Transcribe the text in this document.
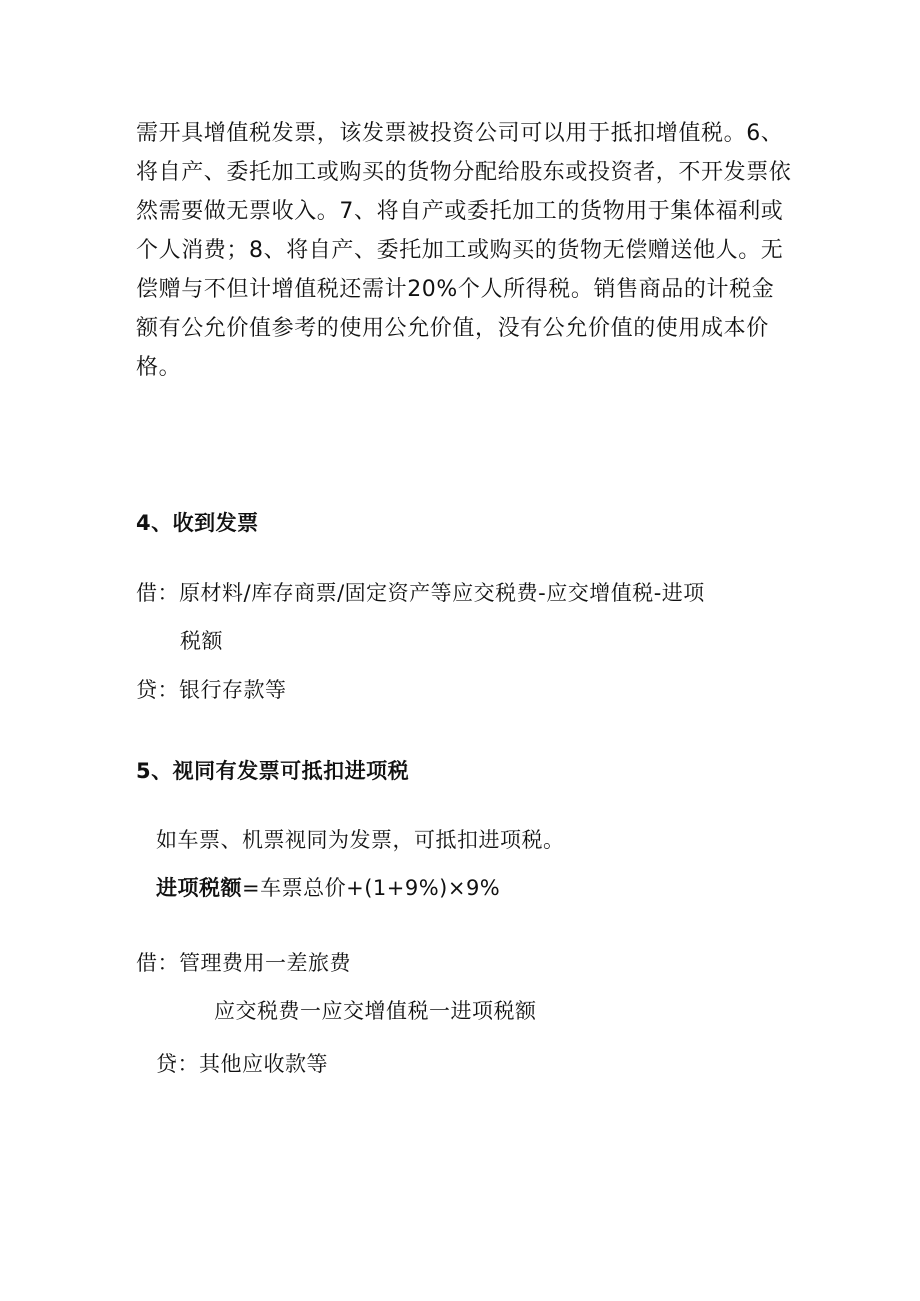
需开具增值税发票，该发票被投资公司可以用于抵扣增值税。6、将自产、委托加工或购买的货物分配给股东或投资者，不开发票依然需要做无票收入。7、将自产或委托加工的货物用于集体福利或个人消费；8、将自产、委托加工或购买的货物无偿赠送他人。无偿赠与不但计增值税还需计20%个人所得税。销售商品的计税金额有公允价值参考的使用公允价值，没有公允价值的使用成本价格。

4、收到发票

借：原材料/库存商票/固定资产等应交税费-应交增值税-进项

税额

贷：银行存款等

5、视同有发票可抵扣进项税

如车票、机票视同为发票，可抵扣进项税。

进项税额=车票总价+(1+9%)×9%

借：管理费用一差旅费

应交税费一应交增值税一进项税额

贷：其他应收款等
